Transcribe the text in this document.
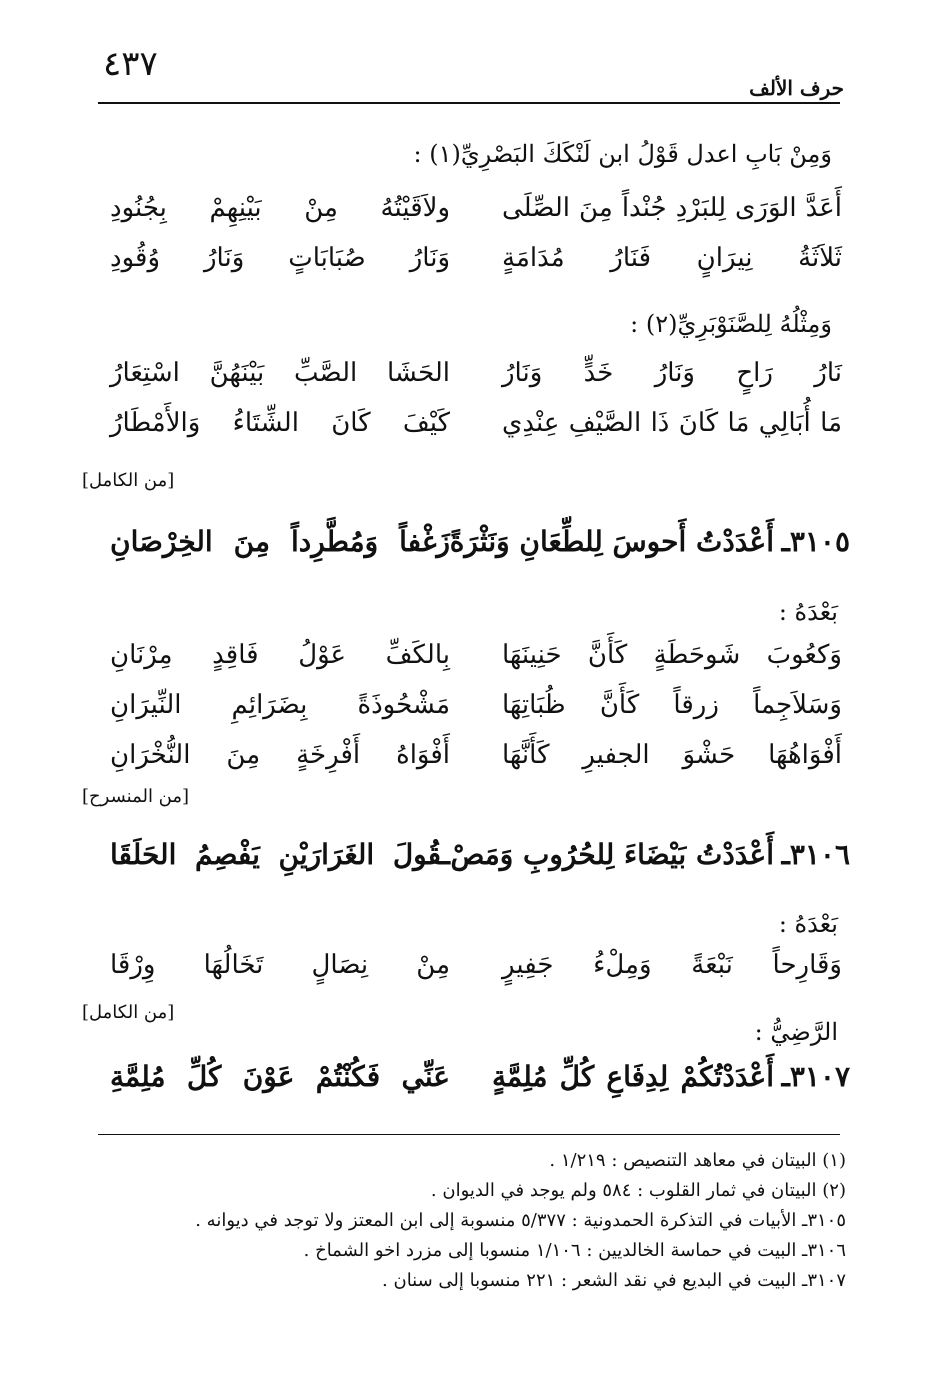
٤٣٧
حرف الألف
وَمِنْ بَابِ اعدل قَوْلُ ابن لَنْكَكَ البَصْرِيِّ(١) :
أَعَدَّ الوَرَى لِلبَرْدِ جُنْداً مِنَ الصِّلَى
ولاَقَيْتُهُ مِنْ بَيْنِهِمْ بِجُنُودِ
ثَلاَثَةُ نِيرَانٍ فَنَارُ مُدَامَةٍ
وَنَارُ صُبَابَاتٍ وَنَارُ وُقُودِ
وَمِثْلُهُ لِلصَّنَوْبَرِيِّ(٢) :
نَارُ رَاحٍ وَنَارُ خَدٍّ وَنَارُ
الحَشَا الصَّبِّ بَيْنَهُنَّ اسْتِعَارُ
مَا أُبَالِي مَا كَانَ ذَا الصَّيْفِ عِنْدِي
كَيْفَ كَانَ الشِّتَاءُ وَالأَمْطَارُ
[من الكامل]
٣١٠٥ـ
أَعْدَدْتُ أَحوسَ لِلطِّعَانِ وَنَثْرَةً
زَغْفاً وَمُطَّرِداً مِنَ الخِرْصَانِ
بَعْدَهُ :
وَكعُوبَ شَوحَطَةٍ كَأَنَّ حَنِينَهَا
بِالكَفِّ عَوْلُ فَاقِدٍ مِرْنَانِ
وَسَلاَجِماً زرقاً كَأَنَّ ظُبَاتِهَا
مَشْحُوذَةً بِضَرَائِمِ النِّيرَانِ
أَفْوَاهُهَا حَشْوَ الجفيرِ كَأَنَّهَا
أَفْوَاهُ أَفْرِخَةٍ مِنَ النُّخْرَانِ
[من المنسرح]
٣١٠٦ـ
أَعْدَدْتُ بَيْضَاءَ لِلحُرُوبِ وَمَصْ
ـقُولَ الغَرَارَيْنِ يَفْصِمُ الحَلَقَا
بَعْدَهُ :
وَقَارِحاً نَبْعَةً وَمِلْءُ جَفِيرٍ
مِنْ نِصَالٍ تَخَالُهَا وِرْقَا
[من الكامل]
الرَّضِيُّ :
٣١٠٧ـ
أَعْدَدْتُكُمْ لِدِفَاعِ كُلِّ مُلِمَّةٍ
عَنِّي فَكُنْتُمْ عَوْنَ كُلِّ مُلِمَّةِ
(١) البيتان في معاهد التنصيص : ١/٢١٩ .
(٢) البيتان في ثمار القلوب : ٥٨٤ ولم يوجد في الديوان .
٣١٠٥ـ الأبيات في التذكرة الحمدونية : ٥/٣٧٧ منسوبة إلى ابن المعتز ولا توجد في ديوانه .
٣١٠٦ـ البيت في حماسة الخالديين : ١/١٠٦ منسوبا إلى مزرد اخو الشماخ .
٣١٠٧ـ البيت في البديع في نقد الشعر : ٢٢١ منسوبا إلى سنان .
